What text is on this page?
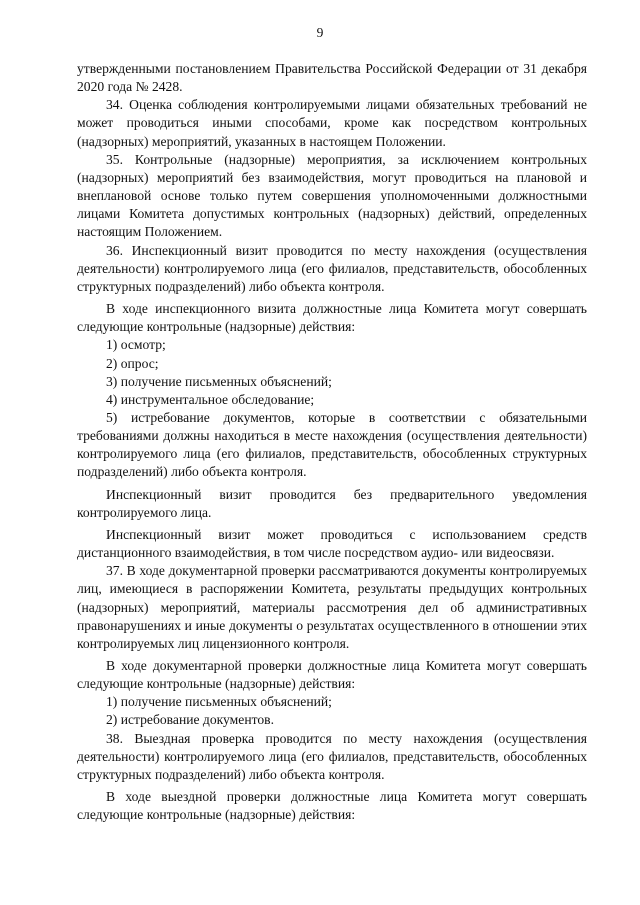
9

утвержденными постановлением Правительства Российской Федерации от 31 декабря 2020 года № 2428.

34. Оценка соблюдения контролируемыми лицами обязательных требований не может проводиться иными способами, кроме как посредством контрольных (надзорных) мероприятий, указанных в настоящем Положении.

35. Контрольные (надзорные) мероприятия, за исключением контрольных (надзорных) мероприятий без взаимодействия, могут проводиться на плановой и внеплановой основе только путем совершения уполномоченными должностными лицами Комитета допустимых контрольных (надзорных) действий, определенных настоящим Положением.

36. Инспекционный визит проводится по месту нахождения (осуществления деятельности) контролируемого лица (его филиалов, представительств, обособленных структурных подразделений) либо объекта контроля.

В ходе инспекционного визита должностные лица Комитета могут совершать следующие контрольные (надзорные) действия:

1) осмотр;

2) опрос;

3) получение письменных объяснений;

4) инструментальное обследование;

5) истребование документов, которые в соответствии с обязательными требованиями должны находиться в месте нахождения (осуществления деятельности) контролируемого лица (его филиалов, представительств, обособленных структурных подразделений) либо объекта контроля.

Инспекционный визит проводится без предварительного уведомления контролируемого лица.

Инспекционный визит может проводиться с использованием средств дистанционного взаимодействия, в том числе посредством аудио- или видеосвязи.

37. В ходе документарной проверки рассматриваются документы контролируемых лиц, имеющиеся в распоряжении Комитета, результаты предыдущих контрольных (надзорных) мероприятий, материалы рассмотрения дел об административных правонарушениях и иные документы о результатах осуществленного в отношении этих контролируемых лиц лицензионного контроля.

В ходе документарной проверки должностные лица Комитета могут совершать следующие контрольные (надзорные) действия:

1) получение письменных объяснений;

2) истребование документов.

38. Выездная проверка проводится по месту нахождения (осуществления деятельности) контролируемого лица (его филиалов, представительств, обособленных структурных подразделений) либо объекта контроля.

В ходе выездной проверки должностные лица Комитета могут совершать следующие контрольные (надзорные) действия:
